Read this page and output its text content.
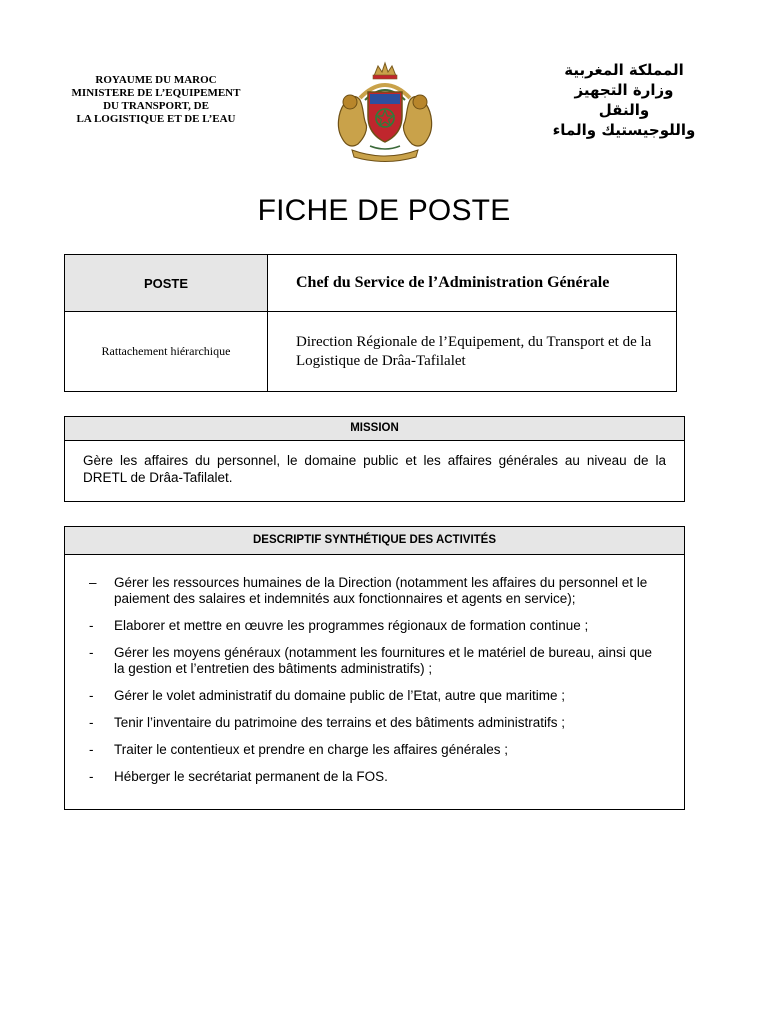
ROYAUME DU MAROC
MINISTERE DE L’EQUIPEMENT
DU TRANSPORT, DE
LA LOGISTIQUE ET DE L’EAU
المملكة المغربية
وزارة التجهيز والنقل
واللوجيستيك والماء
FICHE DE POSTE
POSTE	Chef du Service de l’Administration Générale
Rattachement hiérarchique	Direction Régionale de l’Equipement, du Transport et de la Logistique de Drâa-Tafilalet
MISSION
Gère les affaires du personnel, le domaine public et les affaires générales au niveau de la DRETL de Drâa-Tafilalet.
DESCRIPTIF SYNTHÉTIQUE DES ACTIVITÉS
–	Gérer les ressources humaines de la Direction (notamment les affaires du personnel et le paiement des salaires et indemnités aux fonctionnaires et agents en service);
-	Elaborer et mettre en œuvre les programmes régionaux de formation continue ;
-	Gérer les moyens généraux (notamment les fournitures et le matériel de bureau, ainsi que la gestion et l’entretien des bâtiments administratifs) ;
-	Gérer le volet administratif du domaine public de l’Etat, autre que maritime ;
-	Tenir l’inventaire du patrimoine des terrains et des bâtiments administratifs ;
-	Traiter le contentieux et prendre en charge les affaires générales ;
-	Héberger le secrétariat permanent de la FOS.
